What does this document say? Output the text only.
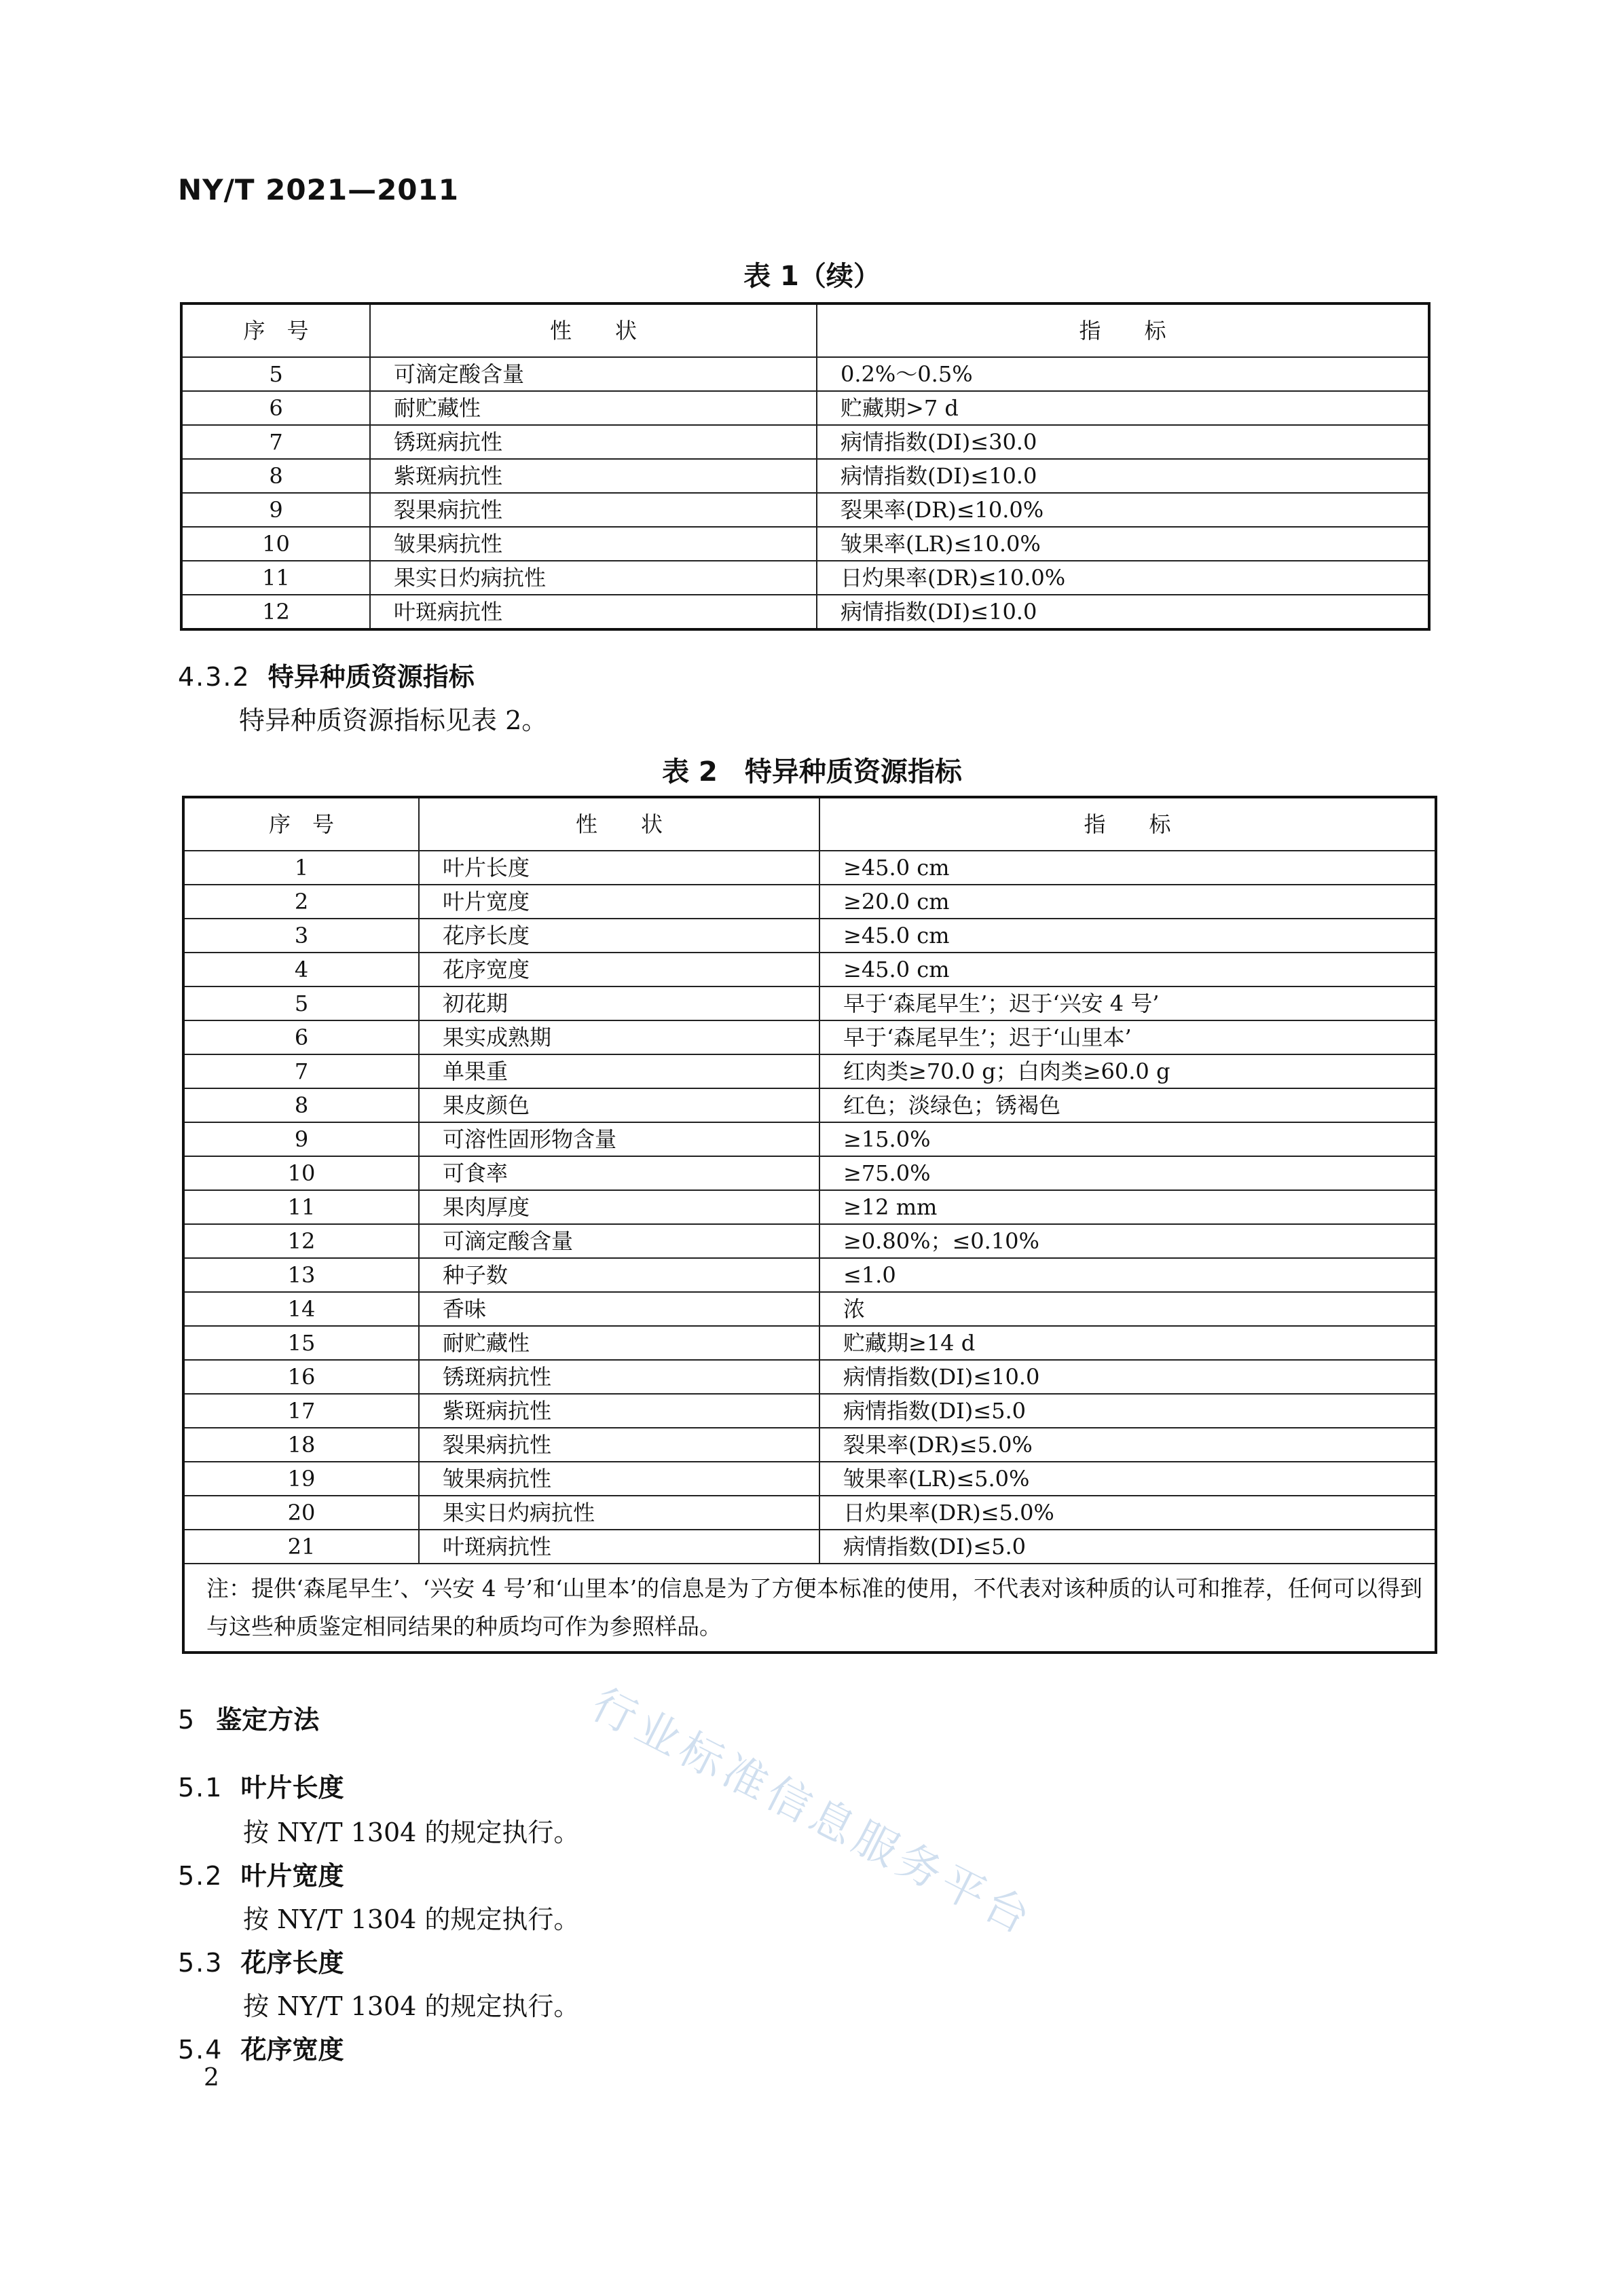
NY/T 2021—2011
表 1（续）
序　号	性　　状	指　　标
5	可滴定酸含量	0.2%～0.5%
6	耐贮藏性	贮藏期>7 d
7	锈斑病抗性	病情指数(DI)≤30.0
8	紫斑病抗性	病情指数(DI)≤10.0
9	裂果病抗性	裂果率(DR)≤10.0%
10	皱果病抗性	皱果率(LR)≤10.0%
11	果实日灼病抗性	日灼果率(DR)≤10.0%
12	叶斑病抗性	病情指数(DI)≤10.0
4.3.2 特异种质资源指标
特异种质资源指标见表 2。
表 2　特异种质资源指标
序　号	性　　状	指　　标
1	叶片长度	≥45.0 cm
2	叶片宽度	≥20.0 cm
3	花序长度	≥45.0 cm
4	花序宽度	≥45.0 cm
5	初花期	早于‘森尾早生’；迟于‘兴安 4 号’
6	果实成熟期	早于‘森尾早生’；迟于‘山里本’
7	单果重	红肉类≥70.0 g；白肉类≥60.0 g
8	果皮颜色	红色；淡绿色；锈褐色
9	可溶性固形物含量	≥15.0%
10	可食率	≥75.0%
11	果肉厚度	≥12 mm
12	可滴定酸含量	≥0.80%；≤0.10%
13	种子数	≤1.0
14	香味	浓
15	耐贮藏性	贮藏期≥14 d
16	锈斑病抗性	病情指数(DI)≤10.0
17	紫斑病抗性	病情指数(DI)≤5.0
18	裂果病抗性	裂果率(DR)≤5.0%
19	皱果病抗性	皱果率(LR)≤5.0%
20	果实日灼病抗性	日灼果率(DR)≤5.0%
21	叶斑病抗性	病情指数(DI)≤5.0
注：提供‘森尾早生’、‘兴安 4 号’和‘山里本’的信息是为了方便本标准的使用，不代表对该种质的认可和推荐，任何可以得到与这些种质鉴定相同结果的种质均可作为参照样品。		
5 鉴定方法
5.1 叶片长度
按 NY/T 1304 的规定执行。
5.2 叶片宽度
按 NY/T 1304 的规定执行。
5.3 花序长度
按 NY/T 1304 的规定执行。
5.4 花序宽度
行业标准信息服务平台
2
